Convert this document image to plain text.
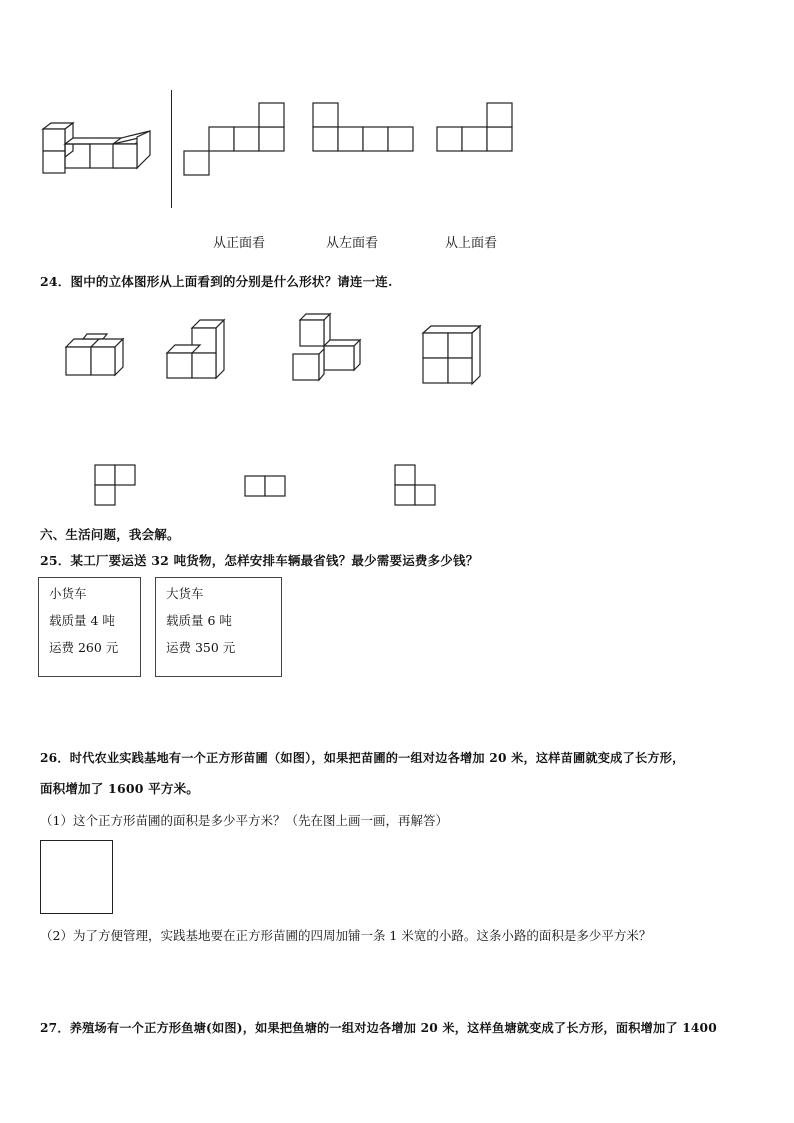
从正面看	从左面看	从上面看
24．图中的立体图形从上面看到的分别是什么形状？请连一连.
六、生活问题，我会解。
25．某工厂要运送 32 吨货物，怎样安排车辆最省钱？最少需要运费多少钱？
小货车
载质量 4 吨
运费 260 元
大货车
载质量 6 吨
运费 350 元
26．时代农业实践基地有一个正方形苗圃（如图），如果把苗圃的一组对边各增加 20 米，这样苗圃就变成了长方形，
面积增加了 1600 平方米。
（1）这个正方形苗圃的面积是多少平方米？（先在图上画一画，再解答）
（2）为了方便管理，实践基地要在正方形苗圃的四周加铺一条 1 米宽的小路。这条小路的面积是多少平方米？
27．养殖场有一个正方形鱼塘(如图)，如果把鱼塘的一组对边各增加 20 米，这样鱼塘就变成了长方形，面积增加了 1400
